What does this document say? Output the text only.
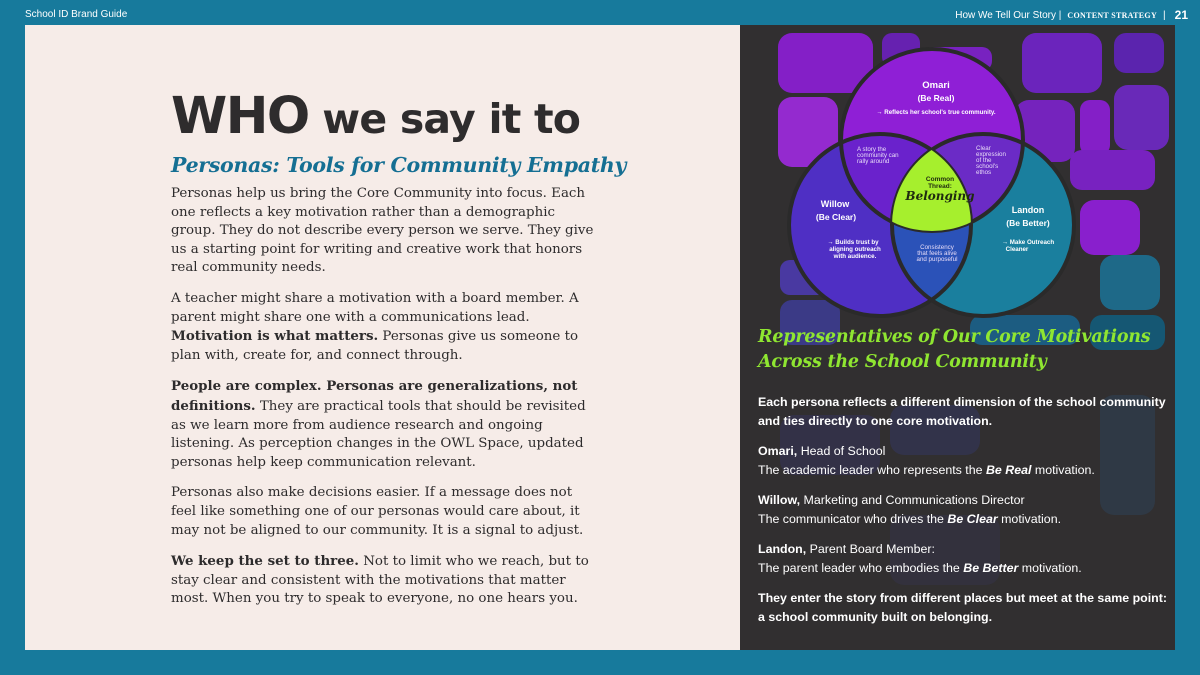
School ID Brand Guide	How We Tell Our Story | CONTENT STRATEGY | 21
WHO we say it to
Personas: Tools for Community Empathy

Personas help us bring the Core Community into focus. Each one reflects a key motivation rather than a demographic group. They do not describe every person we serve. They give us a starting point for writing and creative work that honors real community needs.

A teacher might share a motivation with a board member. A parent might share one with a communications lead. Motivation is what matters. Personas give us someone to plan with, create for, and connect through.

People are complex. Personas are generalizations, not definitions. They are practical tools that should be revisited as we learn more from audience research and ongoing listening. As perception changes in the OWL Space, updated personas help keep communication relevant.

Personas also make decisions easier. If a message does not feel like something one of our personas would care about, it may not be aligned to our community. It is a signal to adjust.

We keep the set to three. Not to limit who we reach, but to stay clear and consistent with the motivations that matter most. When you try to speak to everyone, no one hears you.

Omari
(Be Real)
→ Reflects her school's true community.
Willow
(Be Clear)
→ Builds trust by
aligning outreach
with audience.
Landon
(Be Better)
→ Make Outreach
Cleaner
A story the
community can
rally around
Clear
expression
of the
school's
ethos
Consistency
that feels alive
and purposeful
Common
Thread:
Belonging
Representatives of Our Core Motivations Across the School Community

Each persona reflects a different dimension of the school community and ties directly to one core motivation.

Omari, Head of School
The academic leader who represents the Be Real motivation.

Willow, Marketing and Communications Director
The communicator who drives the Be Clear motivation.

Landon, Parent Board Member:
The parent leader who embodies the Be Better motivation.

They enter the story from different places but meet at the same point: a school community built on belonging.
